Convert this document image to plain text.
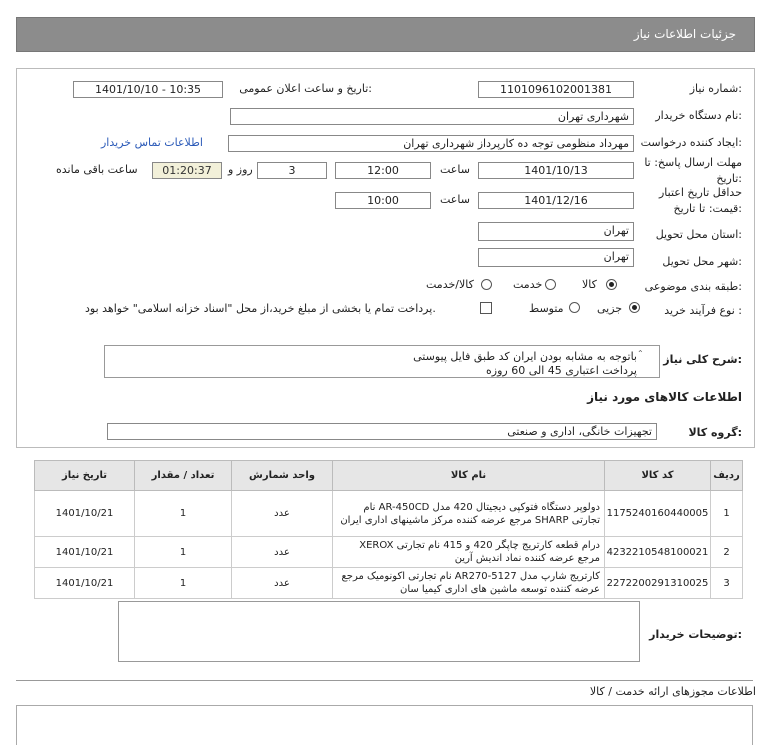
جزئیات اطلاعات نیاز
شماره نیاز:
1101096102001381
تاریخ و ساعت اعلان عمومی:
1401/10/10 - 10:35
نام دستگاه خریدار:
شهرداری تهران
ایجاد کننده درخواست:
مهرداد منظومی توجه ده کارپرداز شهرداری تهران
اطلاعات تماس خریدار
مهلت ارسال پاسخ: تا
تاریخ:
1401/10/13
ساعت
12:00
3
روز و
01:20:37
ساعت باقی مانده
حداقل تاریخ اعتبار
قیمت: تا تاریخ:
1401/12/16
ساعت
10:00
استان محل تحویل:
تهران
شهر محل تحویل:
تهران
طبقه بندی موضوعی:
کالا
خدمت
کالا/خدمت
نوع فرآیند خرید :
جزیی
متوسط
پرداخت تمام یا بخشی از مبلغ خرید،از محل "اسناد خزانه اسلامی" خواهد بود.
شرح کلی نیاز:
باتوجه به مشابه بودن ایران کد طبق فایل پیوستی
پرداخت اعتباری 45 الی 60 روزه
⌃
اطلاعات کالاهای مورد نیاز
گروه کالا:
تجهیزات خانگی، اداری و صنعتی
تاریخ نیاز	تعداد / مقدار	واحد شمارش	نام کالا	کد کالا	ردیف
1401/10/21	1	عدد	دولوپر دستگاه فتوکپی دیجیتال 420 مدل AR-450CD نام تجارتی SHARP مرجع عرضه کننده مرکز ماشینهای اداری ایران	1175240160440005	1
1401/10/21	1	عدد	درام قطعه کارتریج چاپگر 420 و 415 نام تجارتی XEROX مرجع عرضه کننده نماد اندیش آرین	4232210548100021	2
1401/10/21	1	عدد	کارتریج شارپ مدل AR270-5127 نام تجارتی اکونومیک مرجع عرضه کننده توسعه ماشین های اداری کیمیا سان	2272200291310025	3
توضیحات خریدار:
اطلاعات مجوزهای ارائه خدمت / کالا
